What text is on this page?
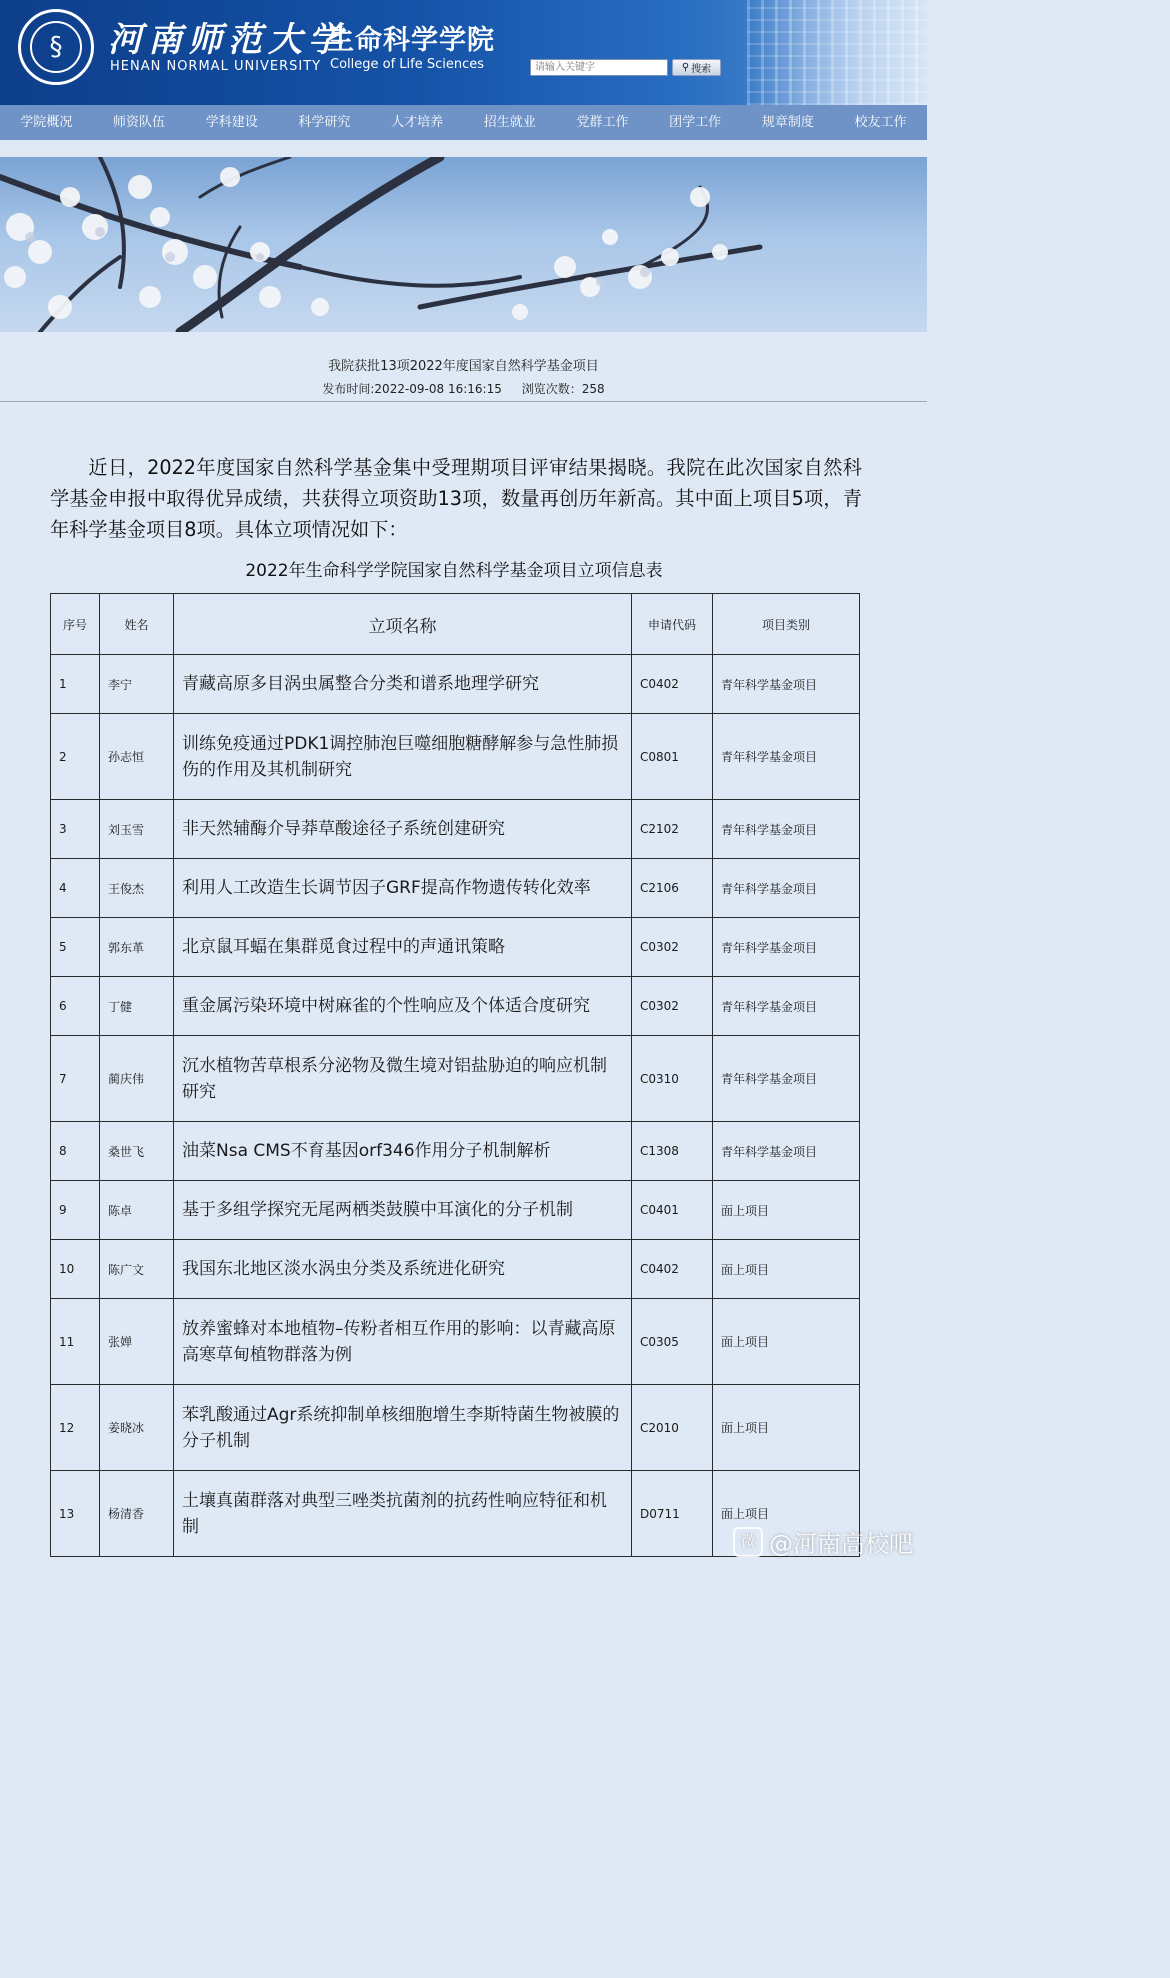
§	河南师范大学
生命科学学院
HENAN NORMAL UNIVERSITY College of Life Sciences
请输入关键字	⚲ 搜索
学院概况	师资队伍	学科建设	科学研究	人才培养	招生就业	党群工作	团学工作	规章制度	校友工作
我院获批13项2022年度国家自然科学基金项目
发布时间:2022-09-08 16:16:15 浏览次数：258
近日，2022年度国家自然科学基金集中受理期项目评审结果揭晓。我院在此次国家自然科学基金申报中取得优异成绩，共获得立项资助13项，数量再创历年新高。其中面上项目5项，青年科学基金项目8项。具体立项情况如下：
2022年生命科学学院国家自然科学基金项目立项信息表
序号	姓名	立项名称	申请代码	项目类别
1	李宁	青藏高原多目涡虫属整合分类和谱系地理学研究	C0402	青年科学基金项目
2	孙志恒	训练免疫通过PDK1调控肺泡巨噬细胞糖酵解参与急性肺损伤的作用及其机制研究	C0801	青年科学基金项目
3	刘玉雪	非天然辅酶介导莽草酸途径子系统创建研究	C2102	青年科学基金项目
4	王俊杰	利用人工改造生长调节因子GRF提高作物遗传转化效率	C2106	青年科学基金项目
5	郭东革	北京鼠耳蝠在集群觅食过程中的声通讯策略	C0302	青年科学基金项目
6	丁健	重金属污染环境中树麻雀的个性响应及个体适合度研究	C0302	青年科学基金项目
7	蔺庆伟	沉水植物苦草根系分泌物及微生境对铝盐胁迫的响应机制研究	C0310	青年科学基金项目
8	桑世飞	油菜Nsa CMS不育基因orf346作用分子机制解析	C1308	青年科学基金项目
9	陈卓	基于多组学探究无尾两栖类鼓膜中耳演化的分子机制	C0401	面上项目
10	陈广文	我国东北地区淡水涡虫分类及系统进化研究	C0402	面上项目
11	张婵	放养蜜蜂对本地植物–传粉者相互作用的影响：以青藏高原高寒草甸植物群落为例	C0305	面上项目
12	姜晓冰	苯乳酸通过Agr系统抑制单核细胞增生李斯特菌生物被膜的分子机制	C2010	面上项目
13	杨清香	土壤真菌群落对典型三唑类抗菌剂的抗药性响应特征和机制	D0711	面上项目
微 @河南高校吧
